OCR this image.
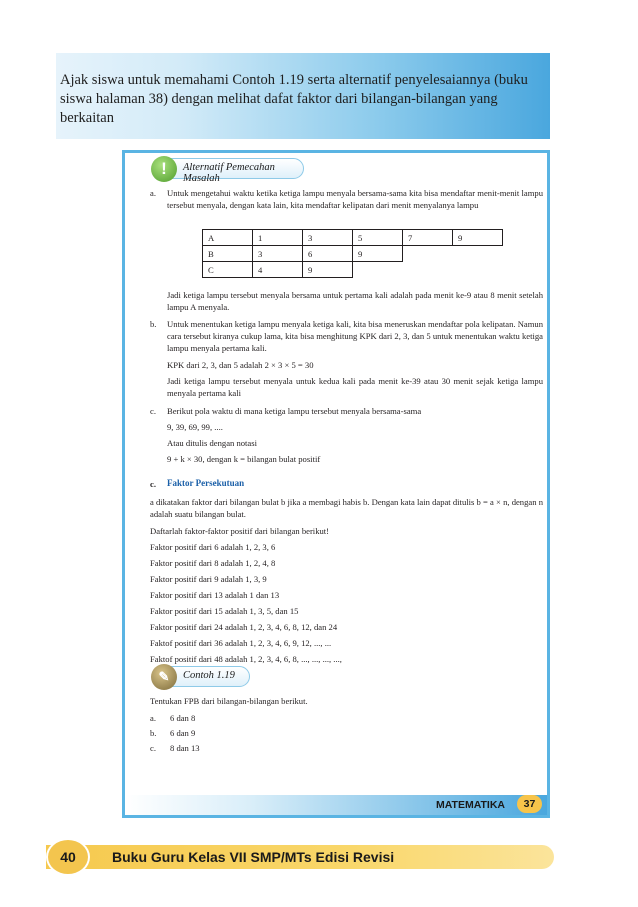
Ajak siswa untuk memahami Contoh 1.19 serta alternatif penyelesaiannya (buku siswa halaman 38) dengan melihat dafat faktor dari bilangan-bilangan yang berkaitan

MATEMATIKA	37
!	Alternatif Pemecahan Masalah
a. Untuk mengetahui waktu ketika ketiga lampu menyala bersama-sama kita bisa mendaftar menit-menit lampu tersebut menyala, dengan kata lain, kita mendaftar kelipatan dari menit menyalanya lampu

A	1	3	5	7	9
B	3	6	9		
C	4	9			

Jadi ketiga lampu tersebut menyala bersama untuk pertama kali adalah pada menit ke-9 atau 8 menit setelah lampu A menyala.

b. Untuk menentukan ketiga lampu menyala ketiga kali, kita bisa meneruskan mendaftar pola kelipatan. Namun cara tersebut kiranya cukup lama, kita bisa menghitung KPK dari 2, 3, dan 5 untuk menentukan waktu ketiga lampu menyala pertama kali.

KPK dari 2, 3, dan 5 adalah 2 × 3 × 5 = 30

Jadi ketiga lampu tersebut menyala untuk kedua kali pada menit ke-39 atau 30 menit sejak ketiga lampu menyala pertama kali

c. Berikut pola waktu di mana ketiga lampu tersebut menyala bersama-sama

9, 39, 69, 99, ....

Atau ditulis dengan notasi

9 + k × 30, dengan k = bilangan bulat positif

c. Faktor Persekutuan

a dikatakan faktor dari bilangan bulat b jika a membagi habis b. Dengan kata lain dapat ditulis b = a × n, dengan n adalah suatu bilangan bulat.

Daftarlah faktor-faktor positif dari bilangan berikut!

Faktor positif dari 6 adalah 1, 2, 3, 6

Faktor positif dari 8 adalah 1, 2, 4, 8

Faktor positif dari 9 adalah 1, 3, 9

Faktor positif dari 13 adalah 1 dan 13

Faktor positif dari 15 adalah 1, 3, 5, dan 15

Faktor positif dari 24 adalah 1, 2, 3, 4, 6, 8, 12, dan 24

Faktof positif dari 36 adalah 1, 2, 3, 4, 6, 9, 12, ..., ...

Faktof positif dari 48 adalah 1, 2, 3, 4, 6, 8, ..., ..., ..., ...,

✎	Contoh 1.19

Tentukan FPB dari bilangan-bilangan berikut.

a. 6 dan 8

b. 6 dan 9

c. 8 dan 13

40	Buku Guru Kelas VII SMP/MTs Edisi Revisi
